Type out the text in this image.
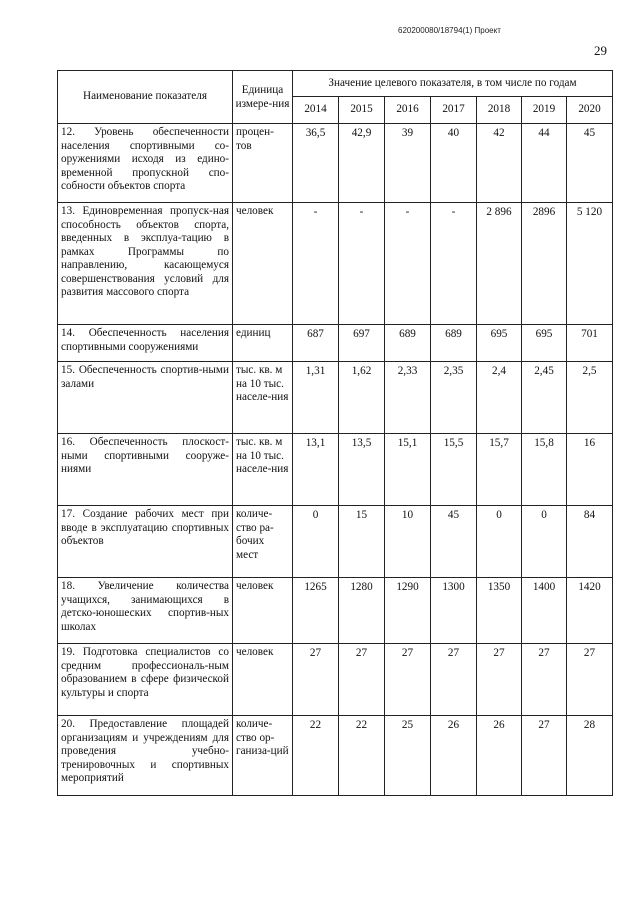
620200080/18794(1) Проект
29
Наименование показателя	Единица измере-ния	Значение целевого показателя, в том числе по годам						
		2014	2015	2016	2017	2018	2019	2020
12. Уровень обеспеченности населения спортивными со-оружениями исходя из едино-временной пропускной спо-собности объектов спорта	процен-тов	36,5	42,9	39	40	42	44	45
13. Единовременная пропуск-ная способность объектов спорта, введенных в эксплуа-тацию в рамках Программы по направлению, касающемуся совершенствования условий для развития массового спорта	человек	-	-	-	-	2 896	2896	5 120
14. Обеспеченность населения спортивными сооружениями	единиц	687	697	689	689	695	695	701
15. Обеспеченность спортив-ными залами	тыс. кв. м на 10 тыс. населе-ния	1,31	1,62	2,33	2,35	2,4	2,45	2,5
16. Обеспеченность плоскост-ными спортивными сооруже-ниями	тыс. кв. м на 10 тыс. населе-ния	13,1	13,5	15,1	15,5	15,7	15,8	16
17. Создание рабочих мест при вводе в эксплуатацию спортивных объектов	количе-ство ра-бочих мест	0	15	10	45	0	0	84
18. Увеличение количества учащихся, занимающихся в детско-юношеских спортив-ных школах	человек	1265	1280	1290	1300	1350	1400	1420
19. Подготовка специалистов со средним профессиональ-ным образованием в сфере физической культуры и спорта	человек	27	27	27	27	27	27	27
20. Предоставление площадей организациям и учреждениям для проведения учебно-тренировочных и спортивных мероприятий	количе-ство ор-ганиза-ций	22	22	25	26	26	27	28
